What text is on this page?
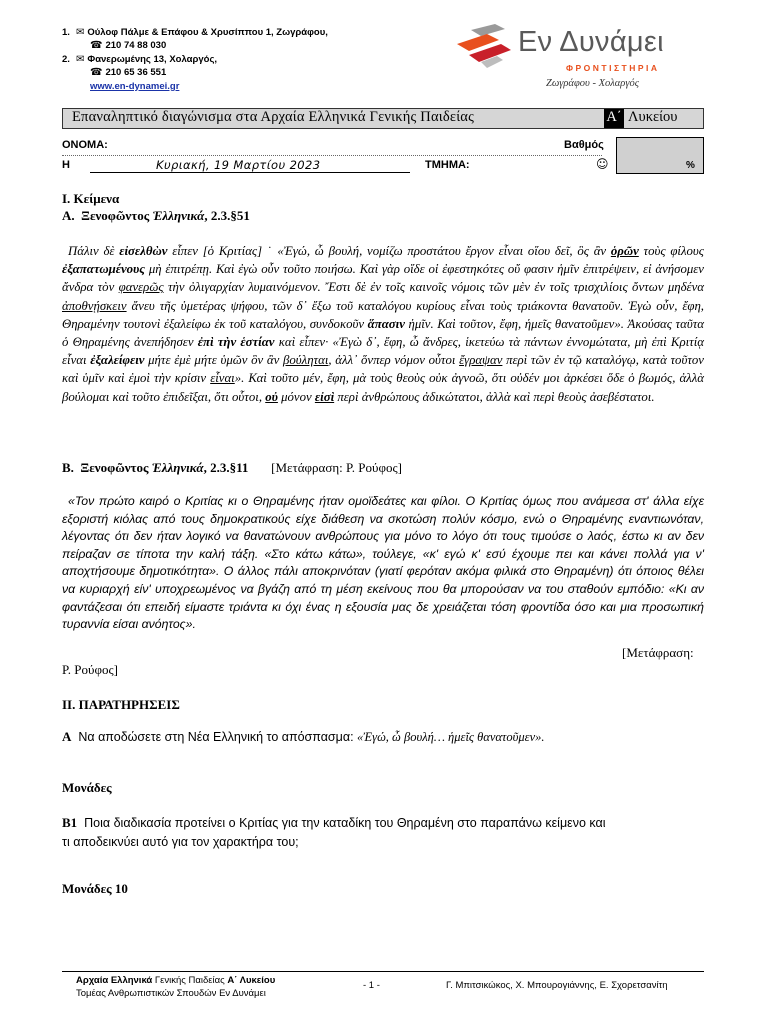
1. ✉ Ούλοφ Πάλμε & Επάφου & Χρυσίππου 1, Ζωγράφου,
☎ 210 74 88 030
2. ✉ Φανερωμένης 13, Χολαργός,
☎ 210 65 36 551
www.en-dynamei.gr
Εν Δυνάμει
ΦΡΟΝΤΙΣΤΗΡΙΑ
Ζωγράφου - Χολαργός
Επαναληπτικό διαγώνισμα στα Αρχαία Ελληνικά Γενικής Παιδείας	Α΄ Λυκείου
ΟΝΟΜΑ:
Η	Κυριακή, 19 Μαρτίου 2023	ΤΜΗΜΑ:
Βαθμός
☺	%
Ι. Κείμενα
Α. Ξενοφῶντος Ἑλληνικά, 2.3.§51
Πάλιν δὲ εἰσελθὼν εἶπεν [ὁ Κριτίας] ˙ «Ἐγώ, ὦ βουλή, νομίζω προστάτου ἔργον εἶναι οἵου δεῖ, ὃς ἂν ὁρῶν τοὺς φίλους ἐξαπατωμένους μὴ ἐπιτρέπῃ. Καὶ ἐγὼ οὖν τοῦτο ποιήσω. Καὶ γὰρ οἵδε οἱ ἐφεστηκότες οὔ φασιν ἡμῖν ἐπιτρέψειν, εἰ ἀνήσομεν ἄνδρα τὸν φανερῶς τὴν ὀλιγαρχίαν λυμαινόμενον. Ἔστι δὲ ἐν τοῖς καινοῖς νόμοις τῶν μὲν ἐν τοῖς τρισχιλίοις ὄντων μηδένα ἀποθνῄσκειν ἄνευ τῆς ὑμετέρας ψήφου, τῶν δ᾽ ἔξω τοῦ καταλόγου κυρίους εἶναι τοὺς τριάκοντα θανατοῦν. Ἐγὼ οὖν, ἔφη, Θηραμένην τουτονὶ ἐξαλείφω ἐκ τοῦ καταλόγου, συνδοκοῦν ἅπασιν ἡμῖν. Καὶ τοῦτον, ἔφη, ἡμεῖς θανατοῦμεν». Ἀκούσας ταῦτα ὁ Θηραμένης ἀνεπήδησεν ἐπὶ τὴν ἑστίαν καὶ εἶπεν· «Ἐγὼ δ᾽, ἔφη, ὦ ἄνδρες, ἱκετεύω τὰ πάντων ἐννομώτατα, μὴ ἐπὶ Κριτίᾳ εἶναι ἐξαλείφειν μήτε ἐμὲ μήτε ὑμῶν ὃν ἂν βούληται, ἀλλ᾽ ὅνπερ νόμον οὗτοι ἔγραψαν περὶ τῶν ἐν τῷ καταλόγῳ, κατὰ τοῦτον καὶ ὑμῖν καὶ ἐμοὶ τὴν κρίσιν εἶναι». Καὶ τοῦτο μέν, ἔφη, μὰ τοὺς θεοὺς οὐκ ἀγνοῶ, ὅτι οὐδέν μοι ἀρκέσει ὅδε ὁ βωμός, ἀλλὰ βούλομαι καὶ τοῦτο ἐπιδεῖξαι, ὅτι οὗτοι, οὐ μόνον εἰσὶ περὶ ἀνθρώπους ἀδικώτατοι, ἀλλὰ καὶ περὶ θεοὺς ἀσεβέστατοι.
Β. Ξενοφῶντος Ἑλληνικά, 2.3.§11 [Μετάφραση: Ρ. Ρούφος]
«Τον πρώτο καιρό ο Κριτίας κι ο Θηραμένης ήταν ομοϊδεάτες και φίλοι. Ο Κριτίας όμως που ανάμεσα στ' άλλα είχε εξοριστή κιόλας από τους δημοκρατικούς είχε διάθεση να σκοτώση πολύν κόσμο, ενώ ο Θηραμένης εναντιωνόταν, λέγοντας ότι δεν ήταν λογικό να θανατώνουν ανθρώπους για μόνο το λόγο ότι τους τιμούσε ο λαός, έστω κι αν δεν πείραζαν σε τίποτα την καλή τάξη. «Στο κάτω κάτω», τούλεγε, «κ' εγώ κ' εσύ έχουμε πει και κάνει πολλά για ν' αποχτήσουμε δημοτικότητα». Ο άλλος πάλι αποκρινόταν (γιατί φερόταν ακόμα φιλικά στο Θηραμένη) ότι όποιος θέλει να κυριαρχή είν' υποχρεωμένος να βγάζη από τη μέση εκείνους που θα μπορούσαν να του σταθούν εμπόδιο: «Κι αν φαντάζεσαι ότι επειδή είμαστε τριάντα κι όχι ένας η εξουσία μας δε χρειάζεται τόση φροντίδα όσο και μια προσωπική τυραννία είσαι ανόητος».
[Μετάφραση:
Ρ. Ρούφος]
ΙΙ. ΠΑΡΑΤΗΡΗΣΕΙΣ
Α Να αποδώσετε στη Νέα Ελληνική το απόσπασμα: «Ἐγώ, ὦ βουλή… ἡμεῖς θανατοῦμεν».
Μονάδες
Β1 Ποια διαδικασία προτείνει ο Κριτίας για την καταδίκη του Θηραμένη στο παραπάνω κείμενο και
τι αποδεικνύει αυτό για τον χαρακτήρα του;
Μονάδες 10
Αρχαία Ελληνικά Γενικής Παιδείας Α΄ Λυκείου
Τομέας Ανθρωπιστικών Σπουδών Εν Δυνάμει
- 1 -	Γ. Μπιτσικώκος, Χ. Μπουρογιάννης, Ε. Σχορετσανίτη
